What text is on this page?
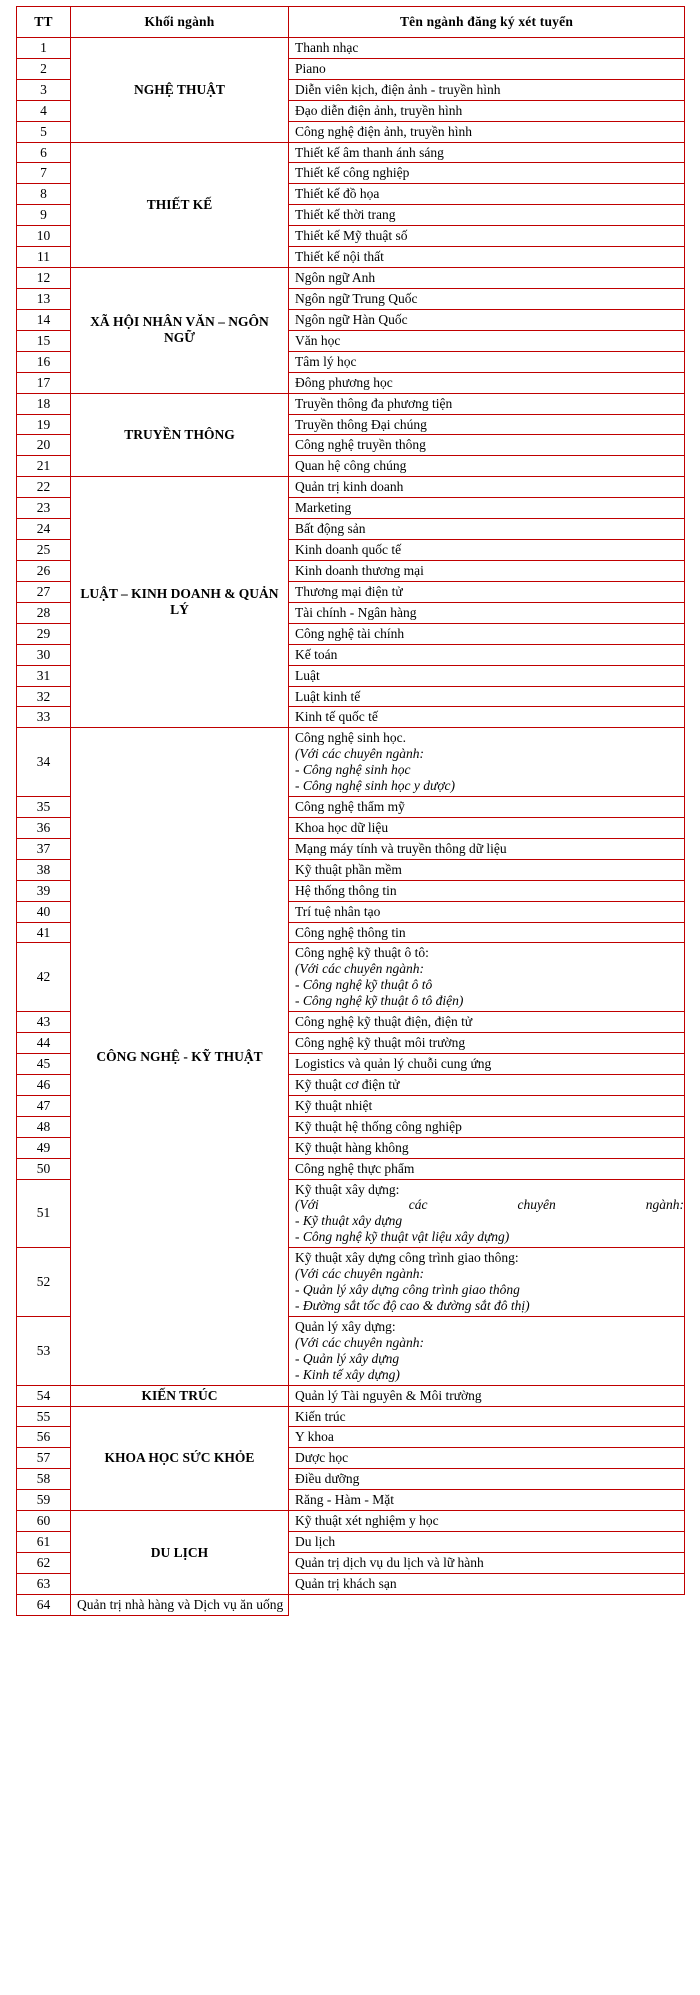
TT	Khối ngành	Tên ngành đăng ký xét tuyển
1	NGHỆ THUẬT	Thanh nhạc

2		Piano

3		Diễn viên kịch, điện ảnh - truyền hình

4		Đạo diễn điện ảnh, truyền hình

5		Công nghệ điện ảnh, truyền hình

6	THIẾT KẾ	Thiết kế âm thanh ánh sáng

7		Thiết kế công nghiệp

8		Thiết kế đồ họa

9		Thiết kế thời trang

10		Thiết kế Mỹ thuật số

11		Thiết kế nội thất

12	XÃ HỘI NHÂN VĂN – NGÔN NGỮ	Ngôn ngữ Anh

13		Ngôn ngữ Trung Quốc

14		Ngôn ngữ Hàn Quốc

15		Văn học

16		Tâm lý học

17		Đông phương học

18	TRUYỀN THÔNG	Truyền thông đa phương tiện

19		Truyền thông Đại chúng

20		Công nghệ truyền thông

21		Quan hệ công chúng

22	LUẬT – KINH DOANH & QUẢN LÝ	Quản trị kinh doanh

23		Marketing

24		Bất động sản

25		Kinh doanh quốc tế

26		Kinh doanh thương mại

27		Thương mại điện tử

28		Tài chính - Ngân hàng

29		Công nghệ tài chính

30		Kế toán

31		Luật

32		Luật kinh tế

33		Kinh tế quốc tế

34	CÔNG NGHỆ - KỸ THUẬT	Công nghệ sinh học.
(Với các chuyên ngành:
- Công nghệ sinh học
- Công nghệ sinh học y dược)

35		Công nghệ thẩm mỹ

36		Khoa học dữ liệu

37		Mạng máy tính và truyền thông dữ liệu

38		Kỹ thuật phần mềm

39		Hệ thống thông tin

40		Trí tuệ nhân tạo

41		Công nghệ thông tin

42		Công nghệ kỹ thuật ô tô:
(Với các chuyên ngành:
- Công nghệ kỹ thuật ô tô
- Công nghệ kỹ thuật ô tô điện)

43		Công nghệ kỹ thuật điện, điện tử

44		Công nghệ kỹ thuật môi trường

45		Logistics và quản lý chuỗi cung ứng

46		Kỹ thuật cơ điện tử

47		Kỹ thuật nhiệt

48		Kỹ thuật hệ thống công nghiệp

49		Kỹ thuật hàng không

50		Công nghệ thực phẩm

51		Kỹ thuật xây dựng:
(Với các chuyên ngành:
- Kỹ thuật xây dựng
- Công nghệ kỹ thuật vật liệu xây dựng)

52		Kỹ thuật xây dựng công trình giao thông:
(Với các chuyên ngành:
- Quản lý xây dựng công trình giao thông
- Đường sắt tốc độ cao & đường sắt đô thị)

53		Quản lý xây dựng:
(Với các chuyên ngành:
- Quản lý xây dựng
- Kinh tế xây dựng)

54	KIẾN TRÚC	Quản lý Tài nguyên & Môi trường

55	KHOA HỌC SỨC KHỎE	Kiến trúc

56		Y khoa

57		Dược học

58		Điều dưỡng

59		Răng - Hàm - Mặt

60	DU LỊCH	Kỹ thuật xét nghiệm y học

61		Du lịch

62		Quản trị dịch vụ du lịch và lữ hành

63		Quản trị khách sạn

64	Quản trị nhà hàng và Dịch vụ ăn uống	
